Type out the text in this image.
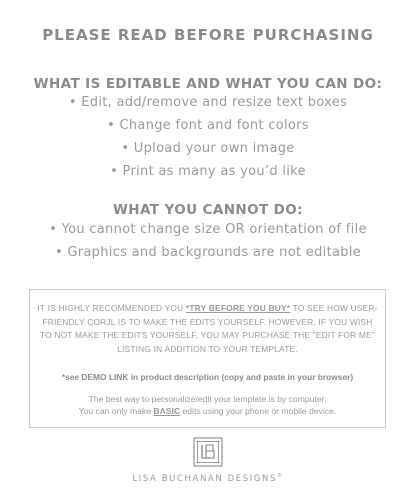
PLEASE READ BEFORE PURCHASING
WHAT IS EDITABLE AND WHAT YOU CAN DO:
• Edit, add/remove and resize text boxes
• Change font and font colors
• Upload your own image
• Print as many as you’d like
WHAT YOU CANNOT DO:
• You cannot change size OR orientation of file
• Graphics and backgrounds are not editable
IT IS HIGHLY RECOMMENDED YOU *TRY BEFORE YOU BUY* TO SEE HOW USER-FRIENDLY CORJL IS TO MAKE THE EDITS YOURSELF. HOWEVER, IF YOU WISH TO NOT MAKE THE EDITS YOURSELF, YOU MAY PURCHASE THE "EDIT FOR ME" LISTING IN ADDITION TO YOUR TEMPLATE.
*see DEMO LINK in product description (copy and paste in your browser)
The best way to personalize/edit your template is by computer.
You can only make BASIC edits using your phone or mobile device.
LISA BUCHANAN DESIGNS®
